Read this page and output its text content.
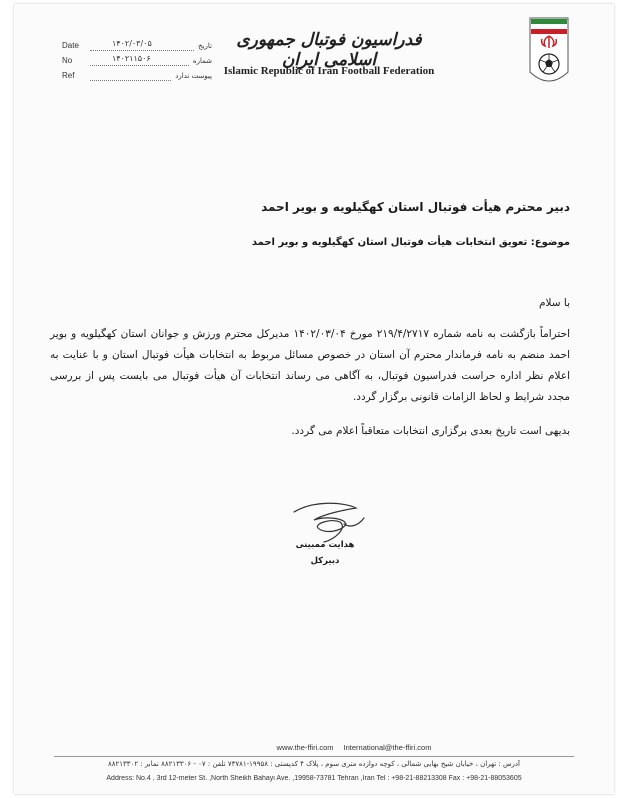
Date	۱۴۰۲/۰۳/۰۵	تاریخ
No	۱۴۰۲۱۱۵۰۶	شماره
Ref	پیوست ندارد
فدراسیون فوتبال جمهوری اسلامی ایران
Islamic Republic of Iran Football Federation
دبیر محترم هیأت فوتبال استان کهگیلویه و بویر احمد
موضوع: تعویق انتخابات هیأت فوتبال استان کهگیلویه و بویر احمد
با سلام
احتراماً بازگشت به نامه شماره ۲۱۹/۴/۲۷۱۷ مورخ ۱۴۰۲/۰۳/۰۴ مدیرکل محترم ورزش و جوانان استان کهگیلویه و بویر احمد منضم به نامه فرماندار محترم آن استان در خصوص مسائل مربوط به انتخابات هیأت فوتبال استان و با عنایت به اعلام نظر اداره حراست فدراسیون فوتبال، به آگاهی می رساند انتخابات آن هیأت فوتبال می بایست پس از بررسی مجدد شرایط و لحاظ الزامات قانونی برگزار گردد.
بدیهی است تاریخ بعدی برگزاری انتخابات متعاقباً اعلام می گردد.
هدایت ممبینی
دبیرکل
www.the-ffiri.com International@the-ffiri.com
آدرس : تهران ، خیابان شیخ بهایی شمالی ، کوچه دوازده متری سوم ، پلاک ۴ کدپستی : ۱۹۹۵۸-۷۳۷۸۱ تلفن : ۰۷ - ۸۸۲۱۳۳۰۶ نمابر : ۸۸۲۱۳۳۰۲
Address: No.4 , 3rd 12-meter St. ,North Sheikh Bahayi Ave. ,19958-73781 Tehran ,Iran Tel : +98-21-88213308 Fax : +98-21-88053605
